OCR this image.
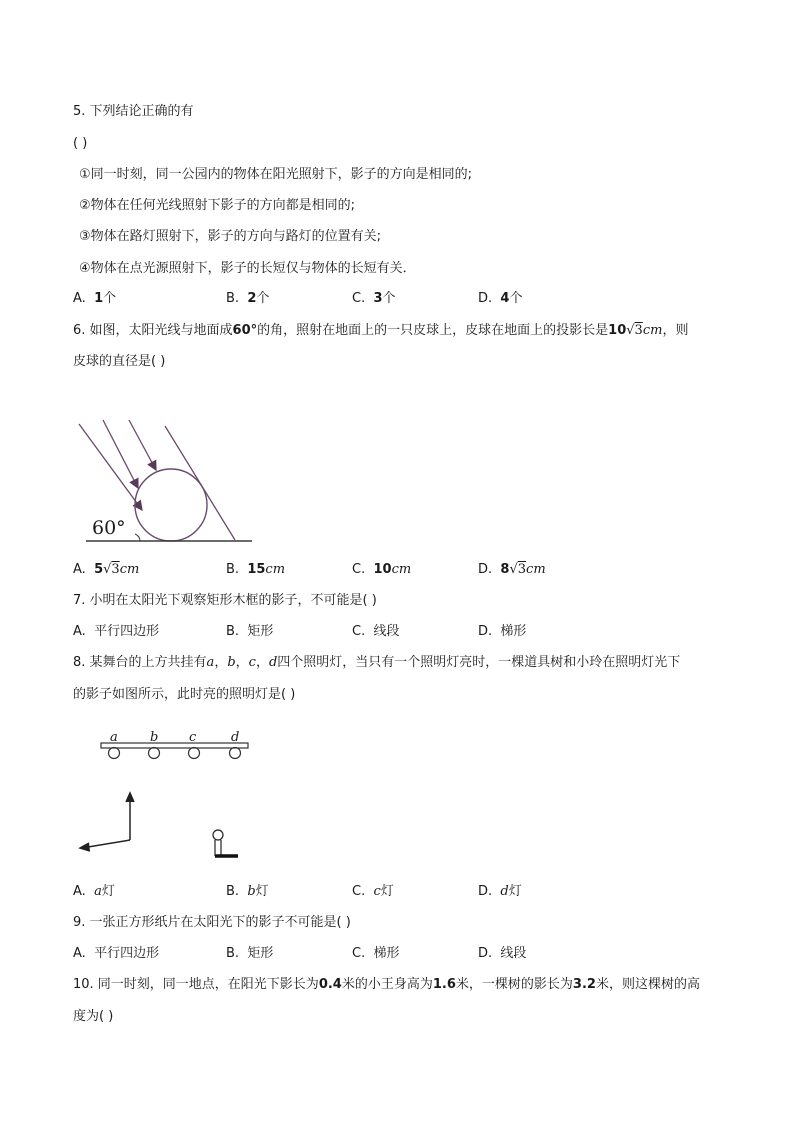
5. 下列结论正确的有
( )
①同一时刻，同一公园内的物体在阳光照射下，影子的方向是相同的;
②物体在任何光线照射下影子的方向都是相同的;
③物体在路灯照射下，影子的方向与路灯的位置有关;
④物体在点光源照射下，影子的长短仅与物体的长短有关．
A. 1个	B. 2个	C. 3个	D. 4个
6. 如图，太阳光线与地面成60°的角，照射在地面上的一只皮球上，皮球在地面上的投影长是10√3cm，则
皮球的直径是( )
60°
A. 5√3cm	B. 15cm	C. 10cm	D. 8√3cm
7. 小明在太阳光下观察矩形木框的影子，不可能是( )
A. 平行四边形	B. 矩形	C. 线段	D. 梯形
8. 某舞台的上方共挂有a，b，c，d四个照明灯，当只有一个照明灯亮时，一棵道具树和小玲在照明灯光下
的影子如图所示，此时亮的照明灯是( )
a b c	d
A. a灯	B. b灯	C. c灯	D. d灯
9. 一张正方形纸片在太阳光下的影子不可能是( )
A. 平行四边形	B. 矩形	C. 梯形	D. 线段
10. 同一时刻，同一地点，在阳光下影长为0.4米的小王身高为1.6米，一棵树的影长为3.2米，则这棵树的高
度为( )
